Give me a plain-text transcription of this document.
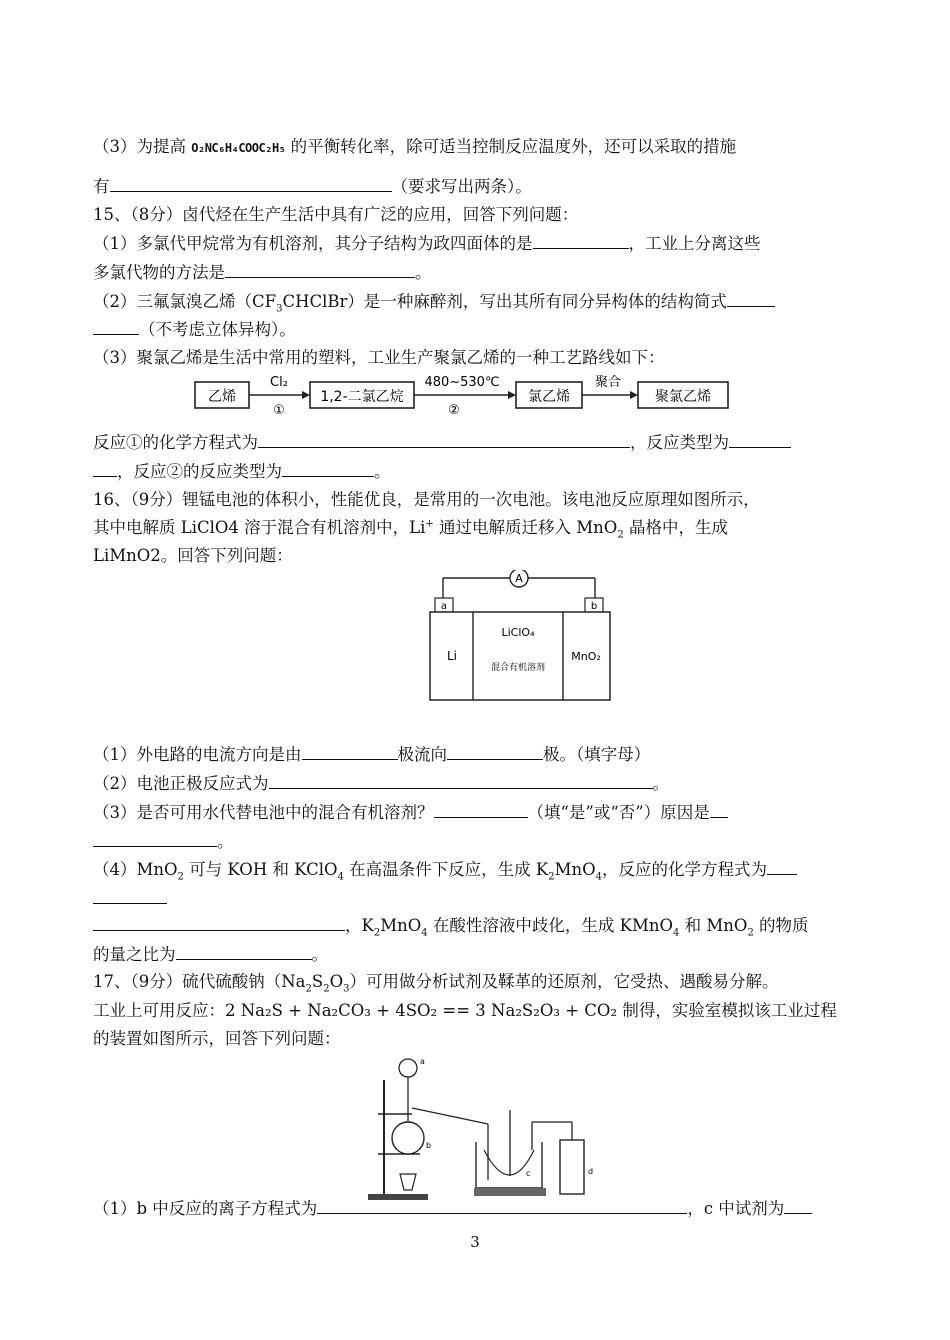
（3）为提高 O₂NC₆H₄COOC₂H₅ 的平衡转化率，除可适当控制反应温度外，还可以采取的措施
有	（要求写出两条）。
15、（8分）卤代烃在生产生活中具有广泛的应用，回答下列问题：
（1）多氯代甲烷常为有机溶剂，其分子结构为政四面体的是	，工业上分离这些
多氯代物的方法是	。
（2）三氟氯溴乙烯$(CF_3CHClBr)$是一种麻醉剂，写出其所有同分异构体的结构简式
（不考虑立体异构）。
（3）聚氯乙烯是生活中常用的塑料，工业生产聚氯乙烯的一种工艺路线如下：
乙烯
Cl₂
①
1,2-二氯乙烷
480~530℃
②
氯乙烯
聚合
聚氯乙烯
反应①的化学方程式为	，反应类型为
，反应②的反应类型为	。
16、（9分）锂锰电池的体积小，性能优良，是常用的一次电池。该电池反应原理如图所示，
其中电解质 LiClO4 溶于混合有机溶剂中，Li+ 通过电解质迁移入 MnO$_2$ 晶格中，生成
LiMnO2。回答下列问题：
A
a	b
Li
LiClO₄
混合有机溶剂
MnO₂
（1）外电路的电流方向是由	极流向	极。（填字母）
（2）电池正极反应式为	。
（3）是否可用水代替电池中的混合有机溶剂？	（填“是”或“否”）原因是
。
（4）MnO$_2$ 可与 KOH 和 KClO$_4$ 在高温条件下反应，生成 $K_2MnO_4$，反应的化学方程式为
，$K_2MnO_4$ 在酸性溶液中歧化，生成 KMnO$_4$ 和 MnO$_2$ 的物质
的量之比为	。
17、（9分）硫代硫酸钠$(Na_2S_2O_3)$可用做分析试剂及鞣革的还原剂，它受热、遇酸易分解。
工业上可用反应：2 Na₂S + Na₂CO₃ + 4SO₂ == 3 Na₂S₂O₃ + CO₂ 制得，实验室模拟该工业过程
的装置如图所示，回答下列问题：
a
b
c	d
（1）b 中反应的离子方程式为	，c 中试剂为
3
